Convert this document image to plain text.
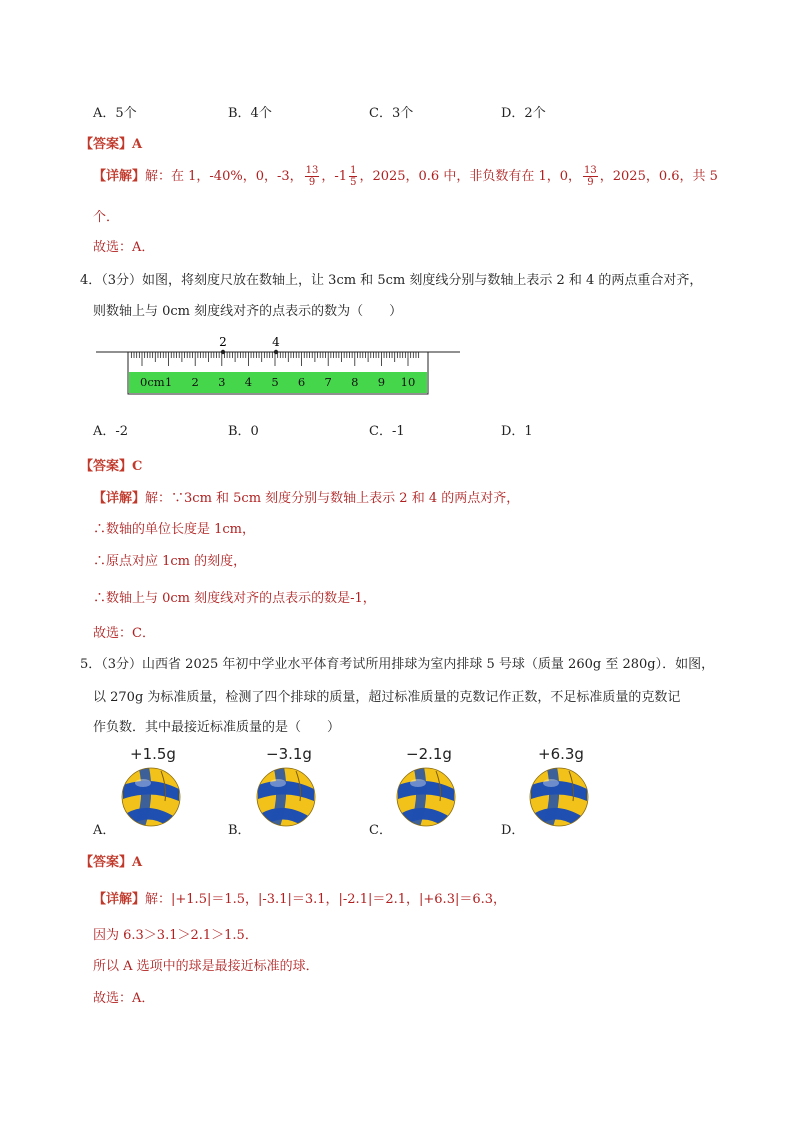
A．5个	B．4个	C．3个	D．2个
【答案】A
【详解】解：在 1，-40%，0，-3， $\frac{13}{9}$ ，$-1 \frac{1}{5}$ ，2025，0.6 中，非负数有在 1，0， $\frac{13}{9}$ ，2025，0.6，共 5
个．
故选：A．
4．（3分）如图，将刻度尺放在数轴上，让 3cm 和 5cm 刻度线分别与数轴上表示 2 和 4 的两点重合对齐，
则数轴上与 0cm 刻度线对齐的点表示的数为（　　）
2	4
0cm 1 2 3 4 5 6 7 8 9 10
A．-2	B．0	C．-1	D．1
【答案】C
【详解】解：∵3cm 和 5cm 刻度分别与数轴上表示 2 和 4 的两点对齐，
∴数轴的单位长度是 1cm，
∴原点对应 1cm 的刻度，
∴数轴上与 0cm 刻度线对齐的点表示的数是-1，
故选：C．
5．（3分）山西省 2025 年初中学业水平体育考试所用排球为室内排球 5 号球（质量 260g 至 280g）．如图，
以 270g 为标准质量，检测了四个排球的质量，超过标准质量的克数记作正数，不足标准质量的克数记
作负数．其中最接近标准质量的是（　　）
+1.5g
A．
−3.1g
B．
−2.1g
C．
+6.3g
D．
【答案】A
【详解】解：|+1.5|＝1.5，|-3.1|＝3.1，|-2.1|＝2.1，|+6.3|＝6.3，
因为 6.3＞3.1＞2.1＞1.5．
所以 A 选项中的球是最接近标准的球．
故选：A．
